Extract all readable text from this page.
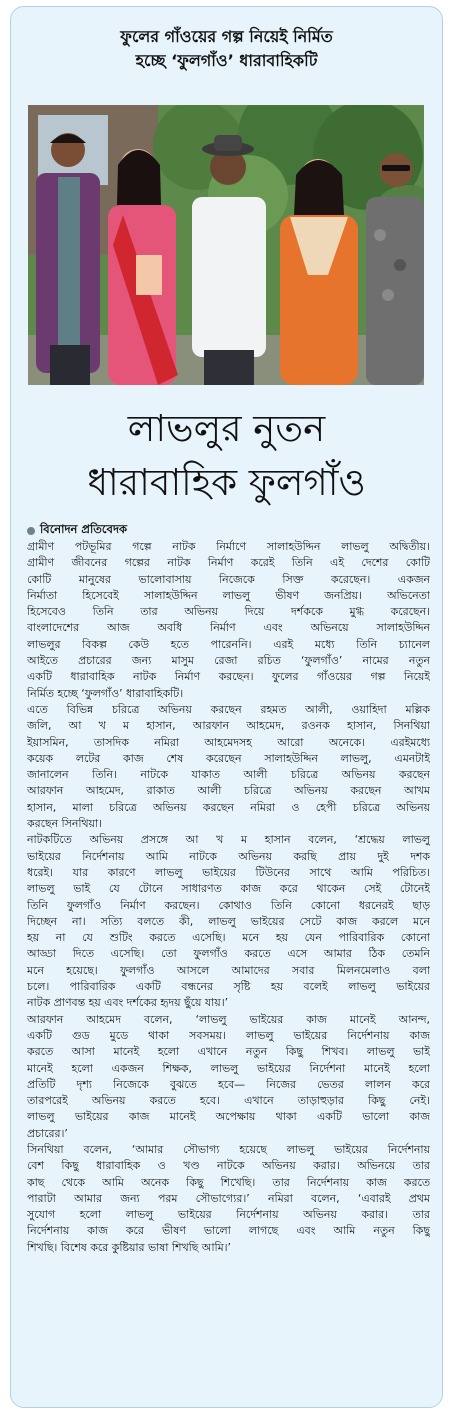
ফুলের গাঁওয়ের গল্প নিয়েই নির্মিত
হচ্ছে ‘ফুলগাঁও’ ধারাবাহিকটি
লাভলুর নুতন
ধারাবাহিক ফুলগাঁও
বিনোদন প্রতিবেদক

গ্রামীণ পটভূমির গল্পে নাটক নির্মাণে সালাহউদ্দিন লাভলু অদ্বিতীয়।
গ্রামীণ জীবনের গল্পের নাটক নির্মাণ করেই তিনি এই দেশের কোটি
কোটি মানুষের ভালোবাসায় নিজেকে সিক্ত করেছেন। একজন
নির্মাতা হিসেবেই সালাহউদ্দিন লাভলু ভীষণ জনপ্রিয়। অভিনেতা
হিসেবেও তিনি তার অভিনয় দিয়ে দর্শককে মুগ্ধ করেছেন।
বাংলাদেশের আজ অবধি নির্মাণ এবং অভিনয়ে সালাহউদ্দিন
লাভলুর বিকল্প কেউ হতে পারেননি। এরই মধ্যে তিনি চ্যানেল
আইতে প্রচারের জন্য মাসুম রেজা রচিত ‘ফুলগাঁও’ নামের নতুন
একটি ধারাবাহিক নাটক নির্মাণ করছেন। ফুলের গাঁওয়ের গল্প নিয়েই
নির্মিত হচ্ছে ‘ফুলগাঁও’ ধারাবাহিকটি।

এতে বিভিন্ন চরিত্রে অভিনয় করছেন রহমত আলী, ওয়াহিদা মল্লিক
জলি, আ খ ম হাসান, আরফান আহমেদ, রওনক হাসান, সিনথিয়া
ইয়াসমিন, তাসদিক নমিরা আহমেদসহ আরো অনেকে। এরইমধ্যে
কয়েক লটের কাজ শেষ করেছেন সালাহউদ্দিন লাভলু, এমনটাই
জানালেন তিনি। নাটকে যাকাত আলী চরিত্রে অভিনয় করছেন
আরফান আহমেদ, রাকাত আলী চরিত্রে অভিনয় করছেন আখম
হাসান, মালা চরিত্রে অভিনয় করছেন নমিরা ও হেপী চরিত্রে অভিনয়
করছেন সিনথিয়া।

নাটকটিতে অভিনয় প্রসঙ্গে আ খ ম হাসান বলেন, ‘শ্রদ্ধেয় লাভলু
ভাইয়ের নির্দেশনায় আমি নাটকে অভিনয় করছি প্রায় দুই দশক
ধরেই। যার কারণে লাভলু ভাইয়ের টিউনের সাথে আমি পরিচিত।
লাভলু ভাই যে টোনে সাধারণত কাজ করে থাকেন সেই টোনেই
তিনি ফুলগাঁও নির্মাণ করছেন। কোথাও তিনি কোনো ধরনেরই ছাড়
দিচ্ছেন না। সত্যি বলতে কী, লাভলু ভাইয়ের সেটে কাজ করলে মনে
হয় না যে শুটিং করতে এসেছি। মনে হয় যেন পারিবারিক কোনো
আড্ডা দিতে এসেছি। তো ফুলগাঁও করতে এসে আমার ঠিক তেমনি
মনে হয়েছে। ফুলগাঁও আসলে আমাদের সবার মিলনমেলাও বলা
চলে। পারিবারিক একটি বন্ধনের সৃষ্টি হয় বলেই লাভলু ভাইয়ের
নাটক প্রাণবন্ত হয় এবং দর্শকের হৃদয় ছুঁয়ে যায়।’

আরফান আহমেদ বলেন, ‘লাভলু ভাইয়ের কাজ মানেই আনন্দ,
একটি গুড মুডে থাকা সবসময়। লাভলু ভাইয়ের নির্দেশনায় কাজ
করতে আসা মানেই হলো এখানে নতুন কিছু শিখব। লাভলু ভাই
মানেই হলো একজন শিক্ষক, লাভলু ভাইয়ের নির্দেশনা মানেই হলো
প্রতিটি দৃশ্য নিজেকে বুঝতে হবে— নিজের ভেতর লালন করে
তারপরেই অভিনয় করতে হবে। এখানে তাড়াহুড়ার কিছু নেই।
লাভলু ভাইয়ের কাজ মানেই অপেক্ষায় থাকা একটি ভালো কাজ
প্রচারের।’

সিনথিয়া বলেন, ‘আমার সৌভাগ্য হয়েছে লাভলু ভাইয়ের নির্দেশনায়
বেশ কিছু ধারাবাহিক ও খণ্ড নাটকে অভিনয় করার। অভিনয়ে তার
কাছ থেকে আমি অনেক কিছু শিখেছি। তার নির্দেশনায় কাজ করতে
পারাটা আমার জন্য পরম সৌভাগ্যের।’ নমিরা বলেন, ‘এবারই প্রথম
সুযোগ হলো লাভলু ভাইয়ের নির্দেশনায় অভিনয় করার। তার
নির্দেশনায় কাজ করে ভীষণ ভালো লাগছে এবং আমি নতুন কিছু
শিখছি। বিশেষ করে কুষ্টিয়ার ভাষা শিখছি আমি।’
